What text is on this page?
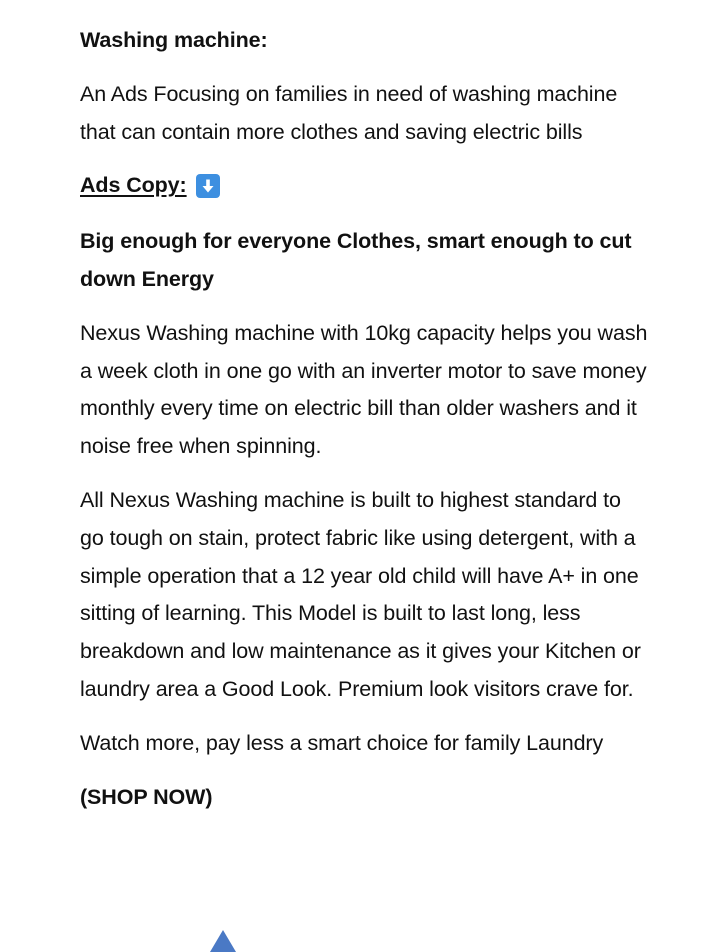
Washing machine:

An Ads Focusing on families in need of washing machine that can contain more clothes and saving electric bills

Ads Copy:

Big enough for everyone Clothes, smart enough to cut down Energy

Nexus Washing machine with 10kg capacity helps you wash a week cloth in one go with an inverter motor to save money monthly every time on electric bill than older washers and it noise free when spinning.

All Nexus Washing machine is built to highest standard to go tough on stain, protect fabric like using detergent, with a simple operation that a 12 year old child will have A+ in one sitting of learning. This Model is built to last long, less breakdown and low maintenance as it gives your Kitchen or laundry area a Good Look. Premium look visitors crave for.

Watch more, pay less a smart choice for family Laundry

(SHOP NOW)
